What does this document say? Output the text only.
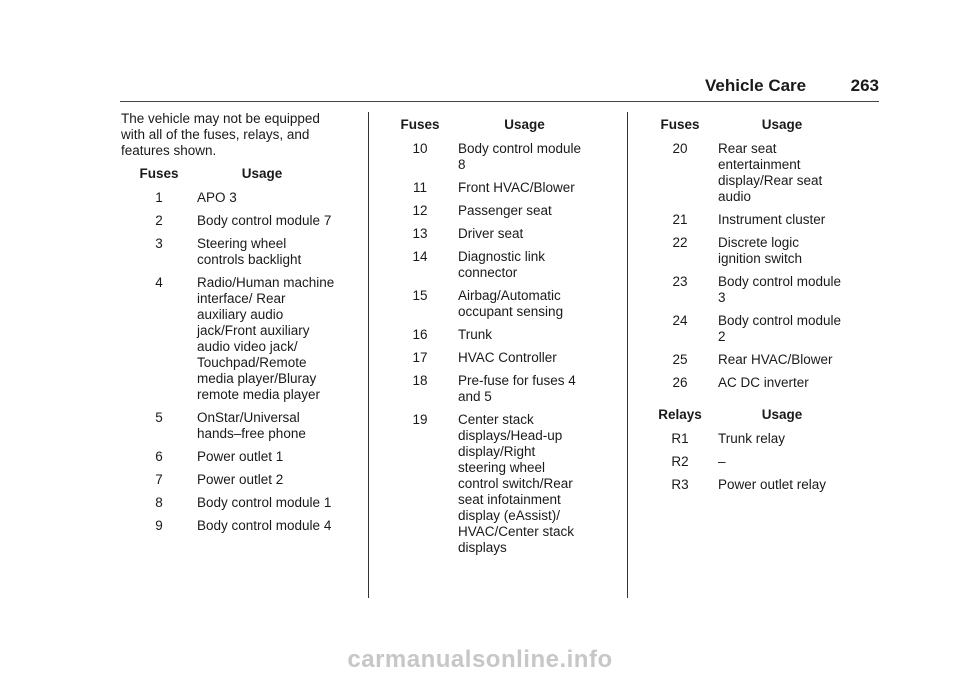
Vehicle Care	263
The vehicle may not be equipped with all of the fuses, relays, and features shown.
Fuses	Usage
1	APO 3
2	Body control module 7
3	Steering wheel controls backlight
4	Radio/Human machine interface/ Rear auxiliary audio jack/Front auxiliary audio video jack/ Touchpad/Remote media player/Bluray remote media player
5	OnStar/Universal hands–free phone
6	Power outlet 1
7	Power outlet 2
8	Body control module 1
9	Body control module 4
Fuses	Usage
10	Body control module 8
11	Front HVAC/Blower
12	Passenger seat
13	Driver seat
14	Diagnostic link connector
15	Airbag/Automatic occupant sensing
16	Trunk
17	HVAC Controller
18	Pre-fuse for fuses 4 and 5
19	Center stack displays/Head-up display/Right steering wheel control switch/Rear seat infotainment display (eAssist)/ HVAC/Center stack displays
Fuses	Usage
20	Rear seat entertainment display/Rear seat audio
21	Instrument cluster
22	Discrete logic ignition switch
23	Body control module 3
24	Body control module 2
25	Rear HVAC/Blower
26	AC DC inverter
Relays	Usage
R1	Trunk relay
R2	–
R3	Power outlet relay
carmanualsonline.info
